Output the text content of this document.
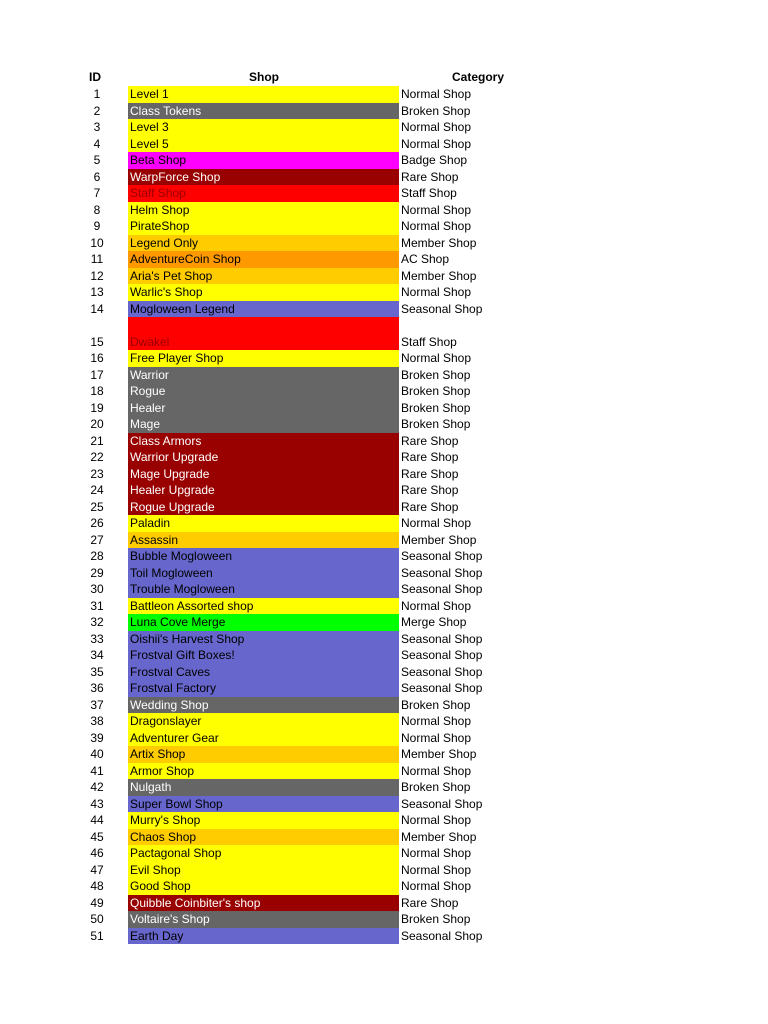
ID	Shop	Category
1	Level 1	Normal Shop
2	Class Tokens	Broken Shop
3	Level 3	Normal Shop
4	Level 5	Normal Shop
5	Beta Shop	Badge Shop
6	WarpForce Shop	Rare Shop
7	Staff Shop	Staff Shop
8	Helm Shop	Normal Shop
9	PirateShop	Normal Shop
10	Legend Only	Member Shop
11	AdventureCoin Shop	AC Shop
12	Aria's Pet Shop	Member Shop
13	Warlic's Shop	Normal Shop
14	Mogloween Legend	Seasonal Shop
15	Dwakel	Staff Shop
16	Free Player Shop	Normal Shop
17	Warrior	Broken Shop
18	Rogue	Broken Shop
19	Healer	Broken Shop
20	Mage	Broken Shop
21	Class Armors	Rare Shop
22	Warrior Upgrade	Rare Shop
23	Mage Upgrade	Rare Shop
24	Healer Upgrade	Rare Shop
25	Rogue Upgrade	Rare Shop
26	Paladin	Normal Shop
27	Assassin	Member Shop
28	Bubble Mogloween	Seasonal Shop
29	Toil Mogloween	Seasonal Shop
30	Trouble Mogloween	Seasonal Shop
31	Battleon Assorted shop	Normal Shop
32	Luna Cove Merge	Merge Shop
33	Oishii's Harvest Shop	Seasonal Shop
34	Frostval Gift Boxes!	Seasonal Shop
35	Frostval Caves	Seasonal Shop
36	Frostval Factory	Seasonal Shop
37	Wedding Shop	Broken Shop
38	Dragonslayer	Normal Shop
39	Adventurer Gear	Normal Shop
40	Artix Shop	Member Shop
41	Armor Shop	Normal Shop
42	Nulgath	Broken Shop
43	Super Bowl Shop	Seasonal Shop
44	Murry's Shop	Normal Shop
45	Chaos Shop	Member Shop
46	Pactagonal Shop	Normal Shop
47	Evil Shop	Normal Shop
48	Good Shop	Normal Shop
49	Quibble Coinbiter's shop	Rare Shop
50	Voltaire's Shop	Broken Shop
51	Earth Day	Seasonal Shop
